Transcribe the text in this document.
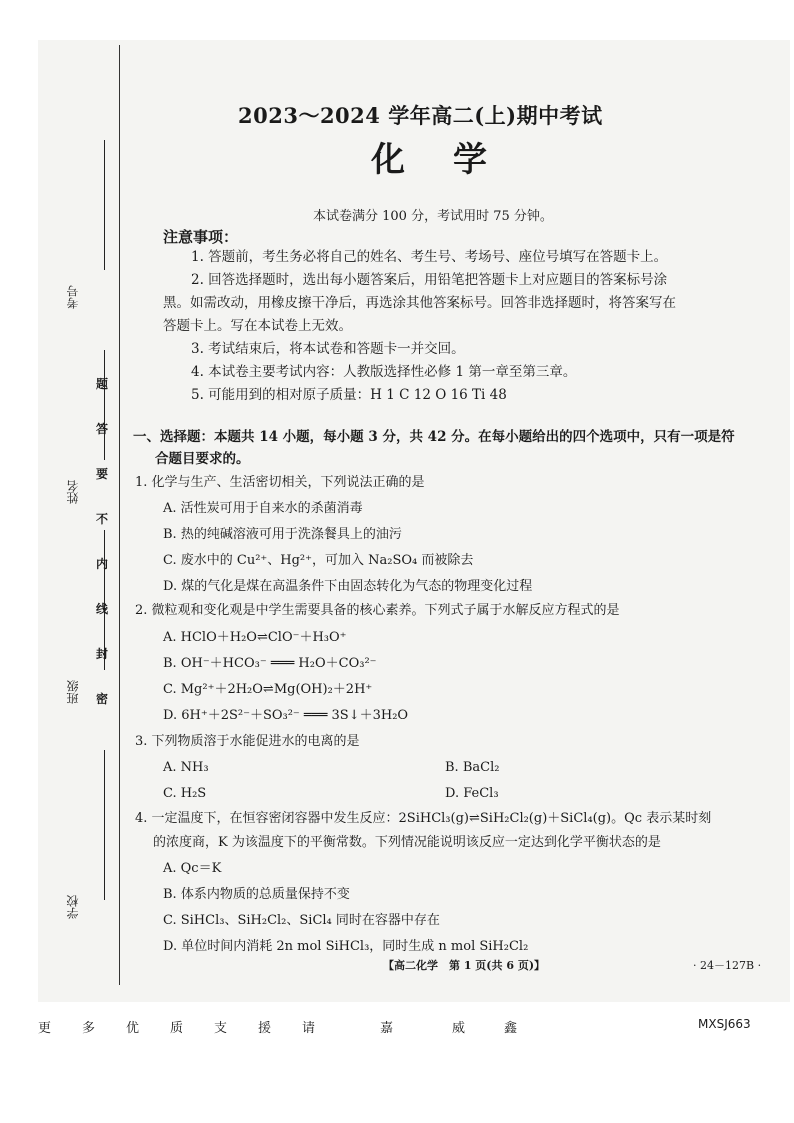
考号
姓名
班级
学校
题
答
要
不
内
线
封
密
2023～2024 学年高二(上)期中考试
化学
本试卷满分 100 分，考试用时 75 分钟。
注意事项：
1. 答题前，考生务必将自己的姓名、考生号、考场号、座位号填写在答题卡上。
2. 回答选择题时，选出每小题答案后，用铅笔把答题卡上对应题目的答案标号涂
黑。如需改动，用橡皮擦干净后，再选涂其他答案标号。回答非选择题时，将答案写在
答题卡上。写在本试卷上无效。
3. 考试结束后，将本试卷和答题卡一并交回。
4. 本试卷主要考试内容：人教版选择性必修 1 第一章至第三章。
5. 可能用到的相对原子质量：H 1 C 12 O 16 Ti 48
一、选择题：本题共 14 小题，每小题 3 分，共 42 分。在每小题给出的四个选项中，只有一项是符
合题目要求的。
1. 化学与生产、生活密切相关，下列说法正确的是
A. 活性炭可用于自来水的杀菌消毒
B. 热的纯碱溶液可用于洗涤餐具上的油污
C. 废水中的 Cu²⁺、Hg²⁺，可加入 Na₂SO₄ 而被除去
D. 煤的气化是煤在高温条件下由固态转化为气态的物理变化过程
2. 微粒观和变化观是中学生需要具备的核心素养。下列式子属于水解反应方程式的是
A. HClO＋H₂O⇌ClO⁻＋H₃O⁺
B. OH⁻＋HCO₃⁻ ═══ H₂O＋CO₃²⁻
C. Mg²⁺＋2H₂O⇌Mg(OH)₂＋2H⁺
D. 6H⁺＋2S²⁻＋SO₃²⁻ ═══ 3S↓＋3H₂O
3. 下列物质溶于水能促进水的电离的是
A. NH₃	B. BaCl₂
C. H₂S	D. FeCl₃
4. 一定温度下，在恒容密闭容器中发生反应：2SiHCl₃(g)⇌SiH₂Cl₂(g)＋SiCl₄(g)。Qc 表示某时刻
的浓度商，K 为该温度下的平衡常数。下列情况能说明该反应一定达到化学平衡状态的是
A. Qc＝K
B. 体系内物质的总质量保持不变
C. SiHCl₃、SiH₂Cl₂、SiCl₄ 同时在容器中存在
D. 单位时间内消耗 2n mol SiHCl₃，同时生成 n mol SiH₂Cl₂
【高二化学　第 1 页(共 6 页)】	· 24－127B ·
更 多 优 质 支 援 请	嘉	威	鑫	MXSJ663
